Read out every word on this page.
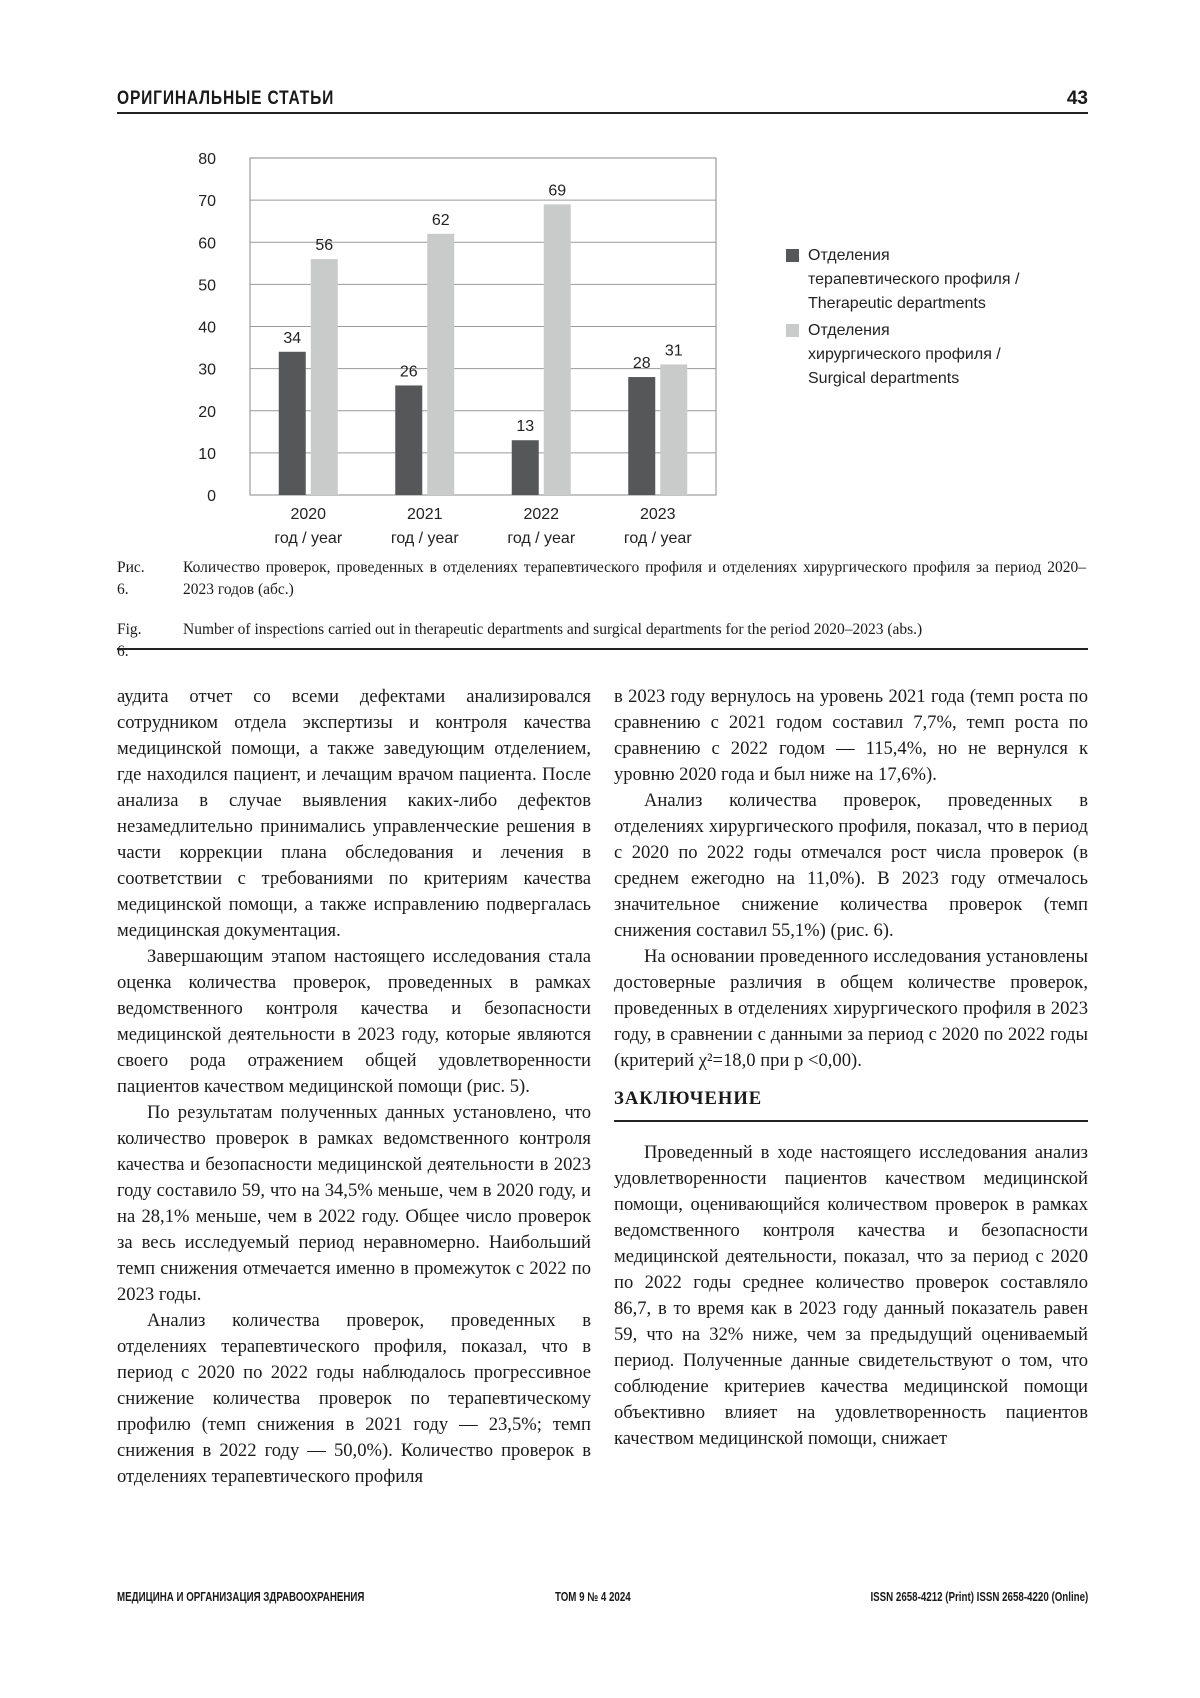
ОРИГИНАЛЬНЫЕ СТАТЬИ	43
0
10
20
30
40
50
60
70
80
34
56
2020
год / year
26
62
2021
год / year
13
69
2022
год / year
28
31
2023
год / year
Отделения
терапевтического профиля /
Therapeutic departments
Отделения
хирургического профиля /
Surgical departments
Рис. 6.
Количество проверок, проведенных в отделениях терапевтического профиля и отделениях хирургического профиля за период 2020–2023 годов (абс.)
Fig. 6.
Number of inspections carried out in therapeutic departments and surgical departments for the period 2020–2023 (abs.)

аудита отчет со всеми дефектами анализировался сотрудником отдела экспертизы и контроля качества медицинской помощи, а также заведующим отделением, где находился пациент, и лечащим врачом пациента. После анализа в случае выявления каких-либо дефектов незамедлительно принимались управленческие решения в части коррекции плана обследования и лечения в соответствии с требованиями по критериям качества медицинской помощи, а также исправлению подвергалась медицинская документация.

Завершающим этапом настоящего исследования стала оценка количества проверок, проведенных в рамках ведомственного контроля качества и безопасности медицинской деятельности в 2023 году, которые являются своего рода отражением общей удовлетворенности пациентов качеством медицинской помощи (рис. 5).

По результатам полученных данных установлено, что количество проверок в рамках ведомственного контроля качества и безопасности медицинской деятельности в 2023 году составило 59, что на 34,5% меньше, чем в 2020 году, и на 28,1% меньше, чем в 2022 году. Общее число проверок за весь исследуемый период неравномерно. Наибольший темп снижения отмечается именно в промежуток с 2022 по 2023 годы.

Анализ количества проверок, проведенных в отделениях терапевтического профиля, показал, что в период с 2020 по 2022 годы наблюдалось прогрессивное снижение количества проверок по терапевтическому профилю (темп снижения в 2021 году — 23,5%; темп снижения в 2022 году — 50,0%). Количество проверок в отделениях терапевтического профиля

в 2023 году вернулось на уровень 2021 года (темп роста по сравнению с 2021 годом составил 7,7%, темп роста по сравнению с 2022 годом — 115,4%, но не вернулся к уровню 2020 года и был ниже на 17,6%).

Анализ количества проверок, проведенных в отделениях хирургического профиля, показал, что в период с 2020 по 2022 годы отмечался рост числа проверок (в среднем ежегодно на 11,0%). В 2023 году отмечалось значительное снижение количества проверок (темп снижения составил 55,1%) (рис. 6).

На основании проведенного исследования установлены достоверные различия в общем количестве проверок, проведенных в отделениях хирургического профиля в 2023 году, в сравнении с данными за период с 2020 по 2022 годы (критерий χ²=18,0 при р <0,00).

ЗАКЛЮЧЕНИЕ

Проведенный в ходе настоящего исследования анализ удовлетворенности пациентов качеством медицинской помощи, оценивающийся количеством проверок в рамках ведомственного контроля качества и безопасности медицинской деятельности, показал, что за период с 2020 по 2022 годы среднее количество проверок составляло 86,7, в то время как в 2023 году данный показатель равен 59, что на 32% ниже, чем за предыдущий оцениваемый период. Полученные данные свидетельствуют о том, что соблюдение критериев качества медицинской помощи объективно влияет на удовлетворенность пациентов качеством медицинской помощи, снижает

МЕДИЦИНА И ОРГАНИЗАЦИЯ ЗДРАВООХРАНЕНИЯ	ТОМ 9 № 4 2024	ISSN 2658-4212 (Print) ISSN 2658-4220 (Online)
